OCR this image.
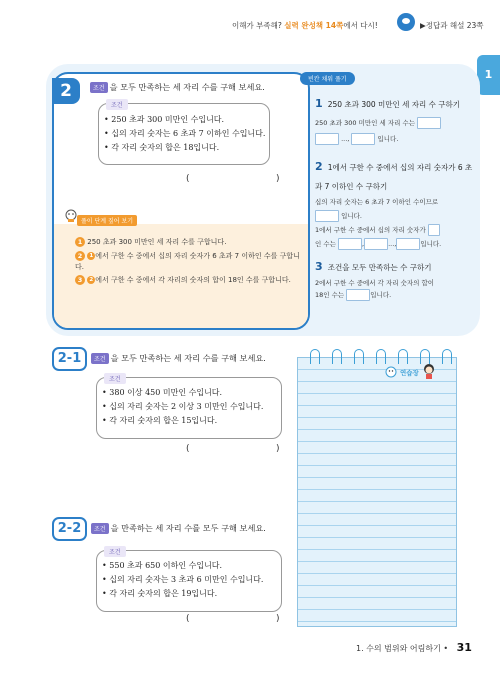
이해가 부족해? 실력 완성책 14쪽에서 다시!	▶정답과 해설 23쪽
1
2	조건 을 모두 만족하는 세 자리 수를 구해 보세요.
조건
• 250 초과 300 미만인 수입니다.
• 십의 자리 숫자는 6 초과 7 이하인 수입니다.
• 각 자리 숫자의 합은 18입니다.
(	)
풀이 단계 짚어 보기
1 250 초과 300 미만인 세 자리 수를 구합니다.
2 1 에서 구한 수 중에서 십의 자리 숫자가 6 초과 7 이하인 수를 구합니다.
3 2 에서 구한 수 중에서 각 자리의 숫자의 합이 18인 수를 구합니다.
빈칸 채워 풀기
1 250 초과 300 미만인 세 자리 수 구하기
250 초과 300 미만인 세 자리 수는
...,	입니다.
2 1에서 구한 수 중에서 십의 자리 숫자가 6 초과 7 이하인 수 구하기
십의 자리 숫자는 6 초과 7 이하인 수이므로
입니다.
1에서 구한 수 중에서 십의 자리 숫자가
인 수는	,	...,	입니다.
3 조건을 모두 만족하는 수 구하기
2에서 구한 수 중에서 각 자리 숫자의 합이
18인 수는	입니다.
2-1	조건 을 모두 만족하는 세 자리 수를 구해 보세요.
조건
• 380 이상 450 미만인 수입니다.
• 십의 자리 숫자는 2 이상 3 미만인 수입니다.
• 각 자리 숫자의 합은 15입니다.
(	)
2-2	조건 을 만족하는 세 자리 수를 모두 구해 보세요.
조건
• 550 초과 650 이하인 수입니다.
• 십의 자리 숫자는 3 초과 6 미만인 수입니다.
• 각 자리 숫자의 합은 19입니다.
(	)
연습장
1. 수의 범위와 어림하기 • 31
